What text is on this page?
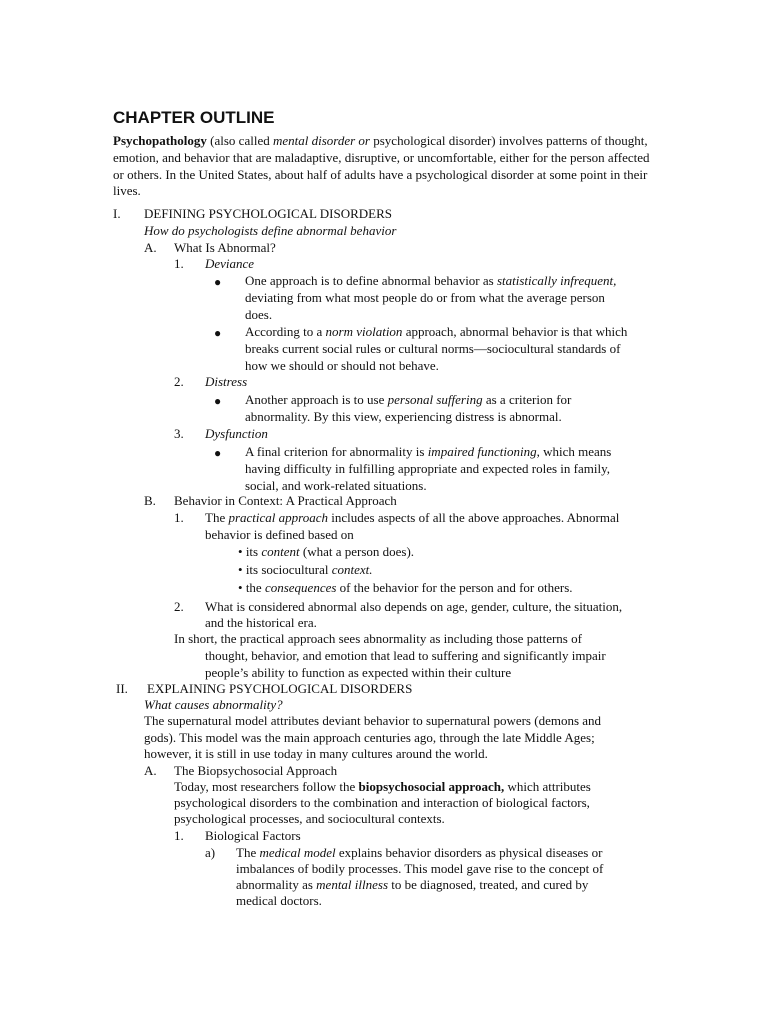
CHAPTER OUTLINE

Psychopathology (also called mental disorder or psychological disorder) involves patterns of thought, emotion, and behavior that are maladaptive, disruptive, or uncomfortable, either for the person affected or others. In the United States, about half of adults have a psychological disorder at some point in their lives.

I. DEFINING PSYCHOLOGICAL DISORDERS
How do psychologists define abnormal behavior
A. What Is Abnormal?
1. Deviance
● One approach is to define abnormal behavior as statistically infrequent,
deviating from what most people do or from what the average person
does.
● According to a norm violation approach, abnormal behavior is that which
breaks current social rules or cultural norms—sociocultural standards of
how we should or should not behave.
2. Distress
● Another approach is to use personal suffering as a criterion for
abnormality. By this view, experiencing distress is abnormal.
3. Dysfunction
● A final criterion for abnormality is impaired functioning, which means
having difficulty in fulfilling appropriate and expected roles in family,
social, and work-related situations.
B. Behavior in Context: A Practical Approach
1. The practical approach includes aspects of all the above approaches. Abnormal
behavior is defined based on
• its content (what a person does).
• its sociocultural context.
• the consequences of the behavior for the person and for others.
2. What is considered abnormal also depends on age, gender, culture, the situation,
and the historical era.
In short, the practical approach sees abnormality as including those patterns of
thought, behavior, and emotion that lead to suffering and significantly impair
people’s ability to function as expected within their culture
II. EXPLAINING PSYCHOLOGICAL DISORDERS
What causes abnormality?
The supernatural model attributes deviant behavior to supernatural powers (demons and
gods). This model was the main approach centuries ago, through the late Middle Ages;
however, it is still in use today in many cultures around the world.
A. The Biopsychosocial Approach
Today, most researchers follow the biopsychosocial approach, which attributes
psychological disorders to the combination and interaction of biological factors,
psychological processes, and sociocultural contexts.
1. Biological Factors
a) The medical model explains behavior disorders as physical diseases or
imbalances of bodily processes. This model gave rise to the concept of
abnormality as mental illness to be diagnosed, treated, and cured by
medical doctors.
